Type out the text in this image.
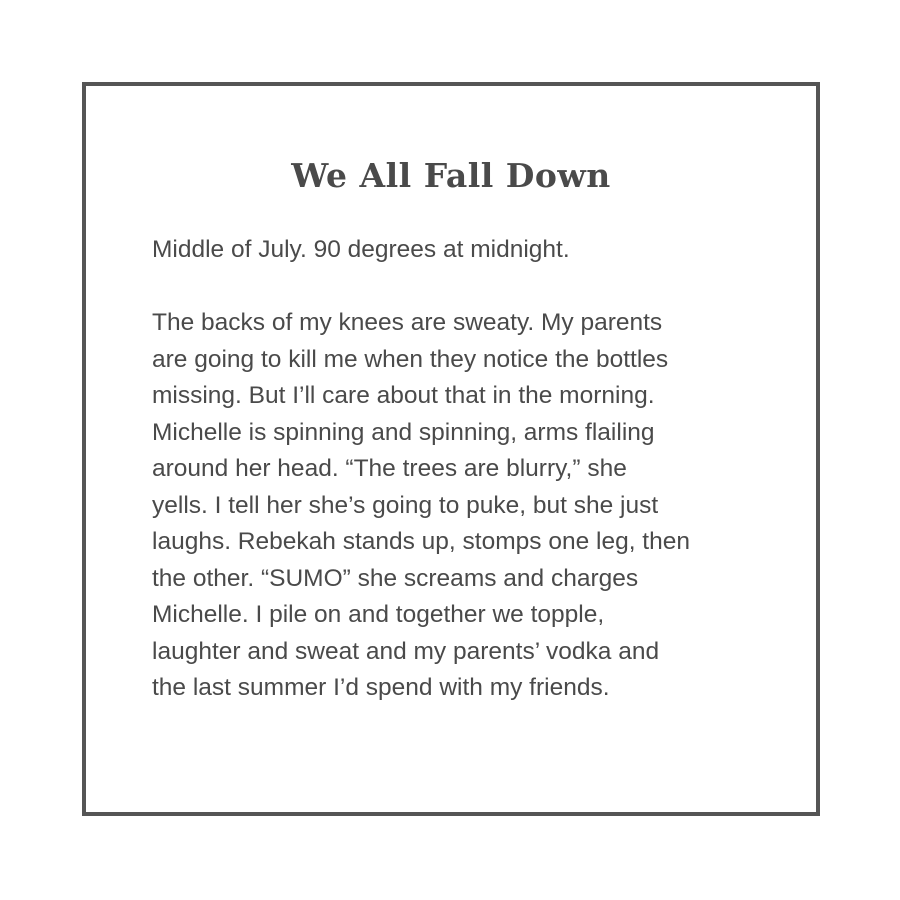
We All Fall Down

Middle of July. 90 degrees at midnight.

The backs of my knees are sweaty. My parents
are going to kill me when they notice the bottles
missing. But I’ll care about that in the morning.
Michelle is spinning and spinning, arms flailing
around her head. “The trees are blurry,” she
yells. I tell her she’s going to puke, but she just
laughs. Rebekah stands up, stomps one leg, then
the other. “SUMO” she screams and charges
Michelle. I pile on and together we topple,
laughter and sweat and my parents’ vodka and
the last summer I’d spend with my friends.
